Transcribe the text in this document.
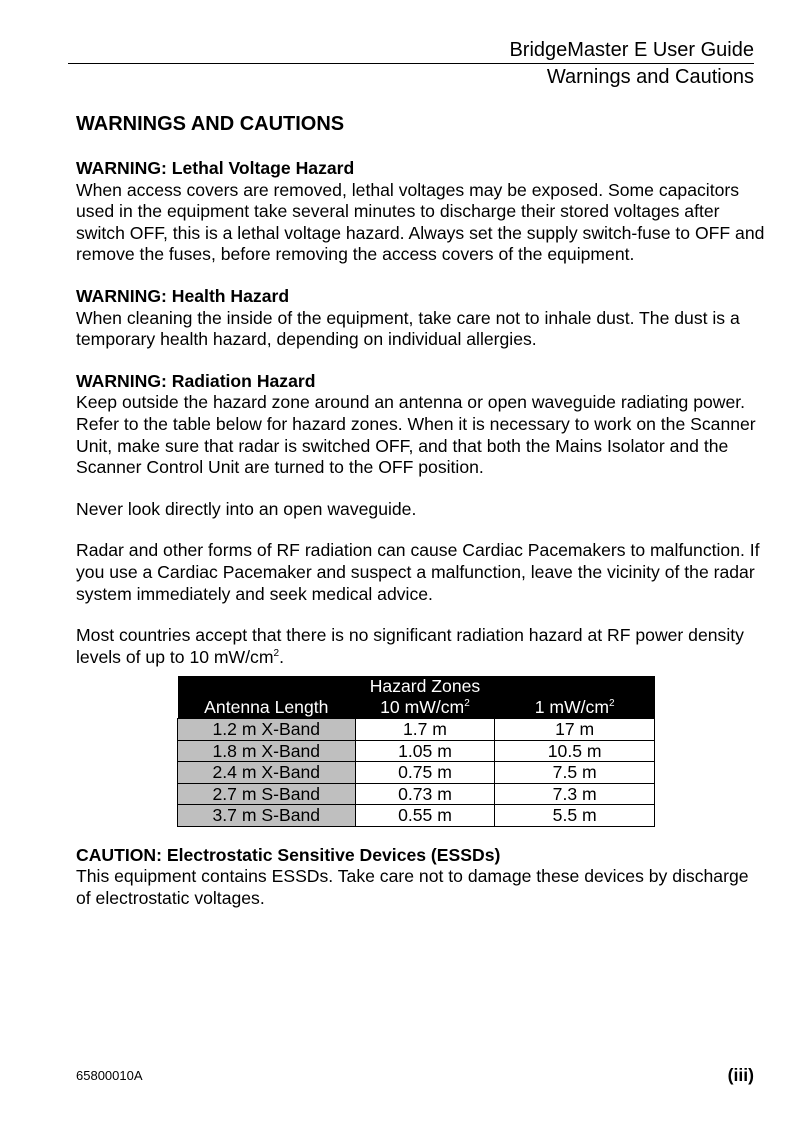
BridgeMaster E User Guide
Warnings and Cautions
WARNINGS AND CAUTIONS
WARNING: Lethal Voltage Hazard
When access covers are removed, lethal voltages may be exposed. Some capacitors used in the equipment take several minutes to discharge their stored voltages after switch OFF, this is a lethal voltage hazard. Always set the supply switch-fuse to OFF and remove the fuses, before removing the access covers of the equipment.
WARNING: Health Hazard
When cleaning the inside of the equipment, take care not to inhale dust. The dust is a temporary health hazard, depending on individual allergies.
WARNING: Radiation Hazard
Keep outside the hazard zone around an antenna or open waveguide radiating power. Refer to the table below for hazard zones. When it is necessary to work on the Scanner Unit, make sure that radar is switched OFF, and that both the Mains Isolator and the Scanner Control Unit are turned to the OFF position.
Never look directly into an open waveguide.
Radar and other forms of RF radiation can cause Cardiac Pacemakers to malfunction. If you use a Cardiac Pacemaker and suspect a malfunction, leave the vicinity of the radar system immediately and seek medical advice.
Most countries accept that there is no significant radiation hazard at RF power density levels of up to 10 $mW/cm^2$.
	Hazard Zones	
Antenna Length	10 $mW/cm^2$	1 $mW/cm^2$
1.2 m X-Band	1.7 m	17 m
1.8 m X-Band	1.05 m	10.5 m
2.4 m X-Band	0.75 m	7.5 m
2.7 m S-Band	0.73 m	7.3 m
3.7 m S-Band	0.55 m	5.5 m
CAUTION: Electrostatic Sensitive Devices (ESSDs)
This equipment contains ESSDs. Take care not to damage these devices by discharge of electrostatic voltages.
65800010A	(iii)
